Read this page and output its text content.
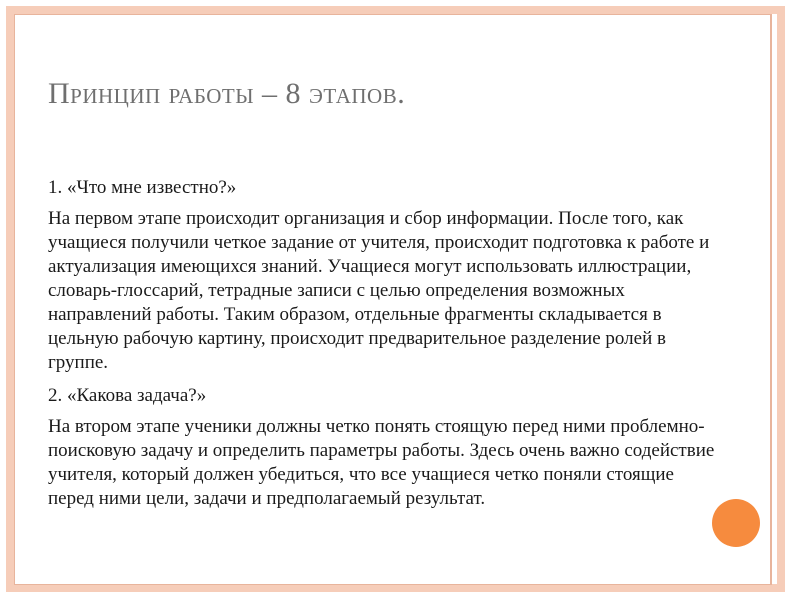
Принцип работы – 8 этапов.

1. «Что мне известно?»

На первом этапе происходит организация и сбор информации. После того, как учащиеся получили четкое задание от учителя, происходит подготовка к работе и актуализация имеющихся знаний. Учащиеся могут использовать иллюстрации, словарь-глоссарий, тетрадные записи с целью определения возможных направлений работы. Таким образом, отдельные фрагменты складывается в цельную рабочую картину, происходит предварительное разделение ролей в группе.

2. «Какова задача?»

На втором этапе ученики должны четко понять стоящую перед ними проблемно-поисковую задачу и определить параметры работы. Здесь очень важно содействие учителя, который должен убедиться, что все учащиеся четко поняли стоящие перед ними цели, задачи и предполагаемый результат.
